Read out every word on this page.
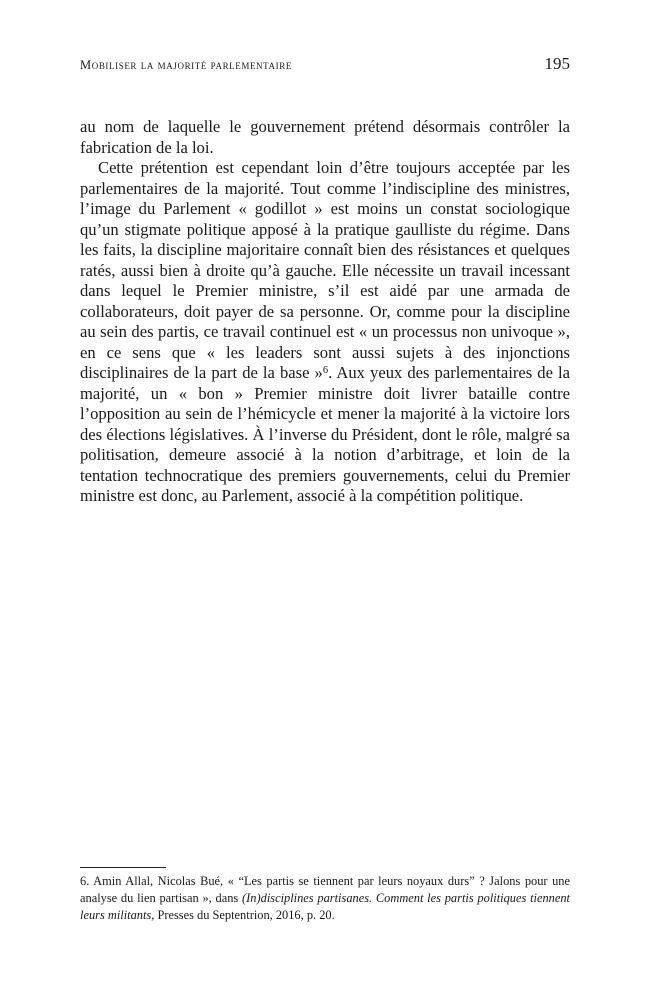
Mobiliser la majorité parlementaire	195

au nom de laquelle le gouvernement prétend désormais contrôler la fabrication de la loi.

Cette prétention est cependant loin d’être toujours acceptée par les parlementaires de la majorité. Tout comme l’indiscipline des ministres, l’image du Parlement « godillot » est moins un constat sociologique qu’un stigmate politique apposé à la pratique gaulliste du régime. Dans les faits, la discipline majoritaire connaît bien des résistances et quelques ratés, aussi bien à droite qu’à gauche. Elle nécessite un travail incessant dans lequel le Premier ministre, s’il est aidé par une armada de collaborateurs, doit payer de sa personne. Or, comme pour la discipline au sein des partis, ce travail continuel est « un processus non univoque », en ce sens que « les leaders sont aussi sujets à des injonctions disciplinaires de la part de la base »$^6$. Aux yeux des parlementaires de la majorité, un « bon » Premier ministre doit livrer bataille contre l’opposition au sein de l’hémicycle et mener la majorité à la victoire lors des élections législatives. À l’inverse du Président, dont le rôle, malgré sa politisation, demeure associé à la notion d’arbitrage, et loin de la tentation technocratique des premiers gouvernements, celui du Premier ministre est donc, au Parlement, associé à la compétition politique.

6. Amin Allal, Nicolas Bué, « “Les partis se tiennent par leurs noyaux durs” ? Jalons pour une analyse du lien partisan », dans (In)disciplines partisanes. Comment les partis politiques tiennent leurs militants, Presses du Septentrion, 2016, p. 20.
